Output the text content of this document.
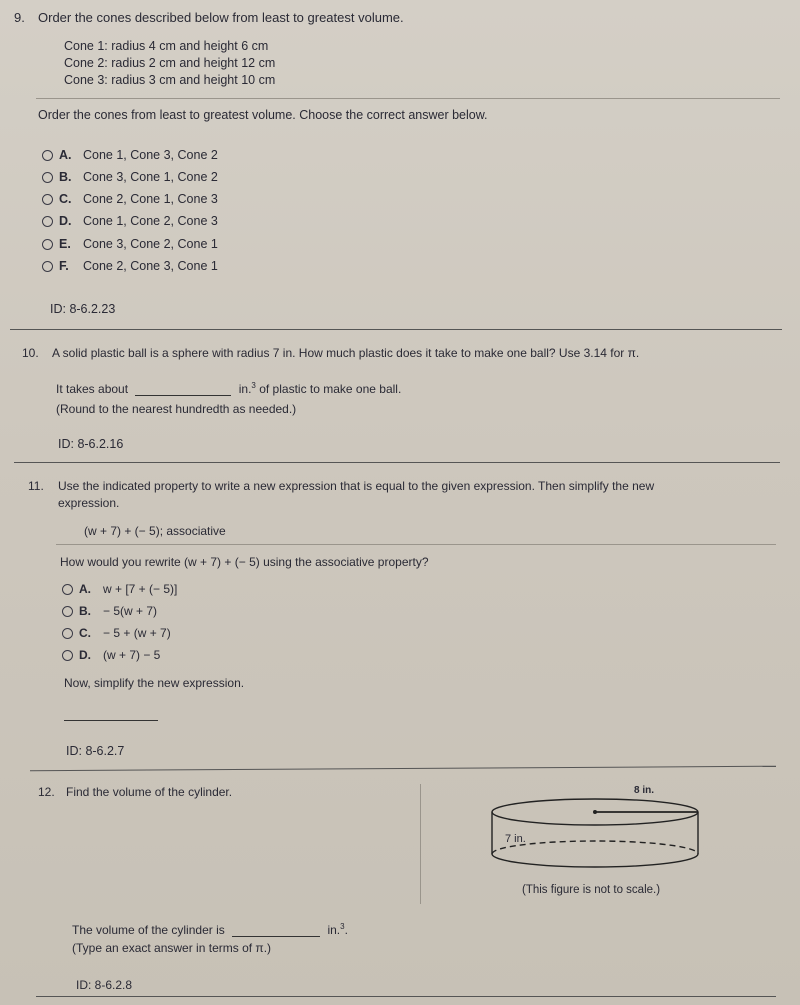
9. Order the cones described below from least to greatest volume.
Cone 1: radius 4 cm and height 6 cm
Cone 2: radius 2 cm and height 12 cm
Cone 3: radius 3 cm and height 10 cm
Order the cones from least to greatest volume. Choose the correct answer below.
A. Cone 1, Cone 3, Cone 2
B. Cone 3, Cone 1, Cone 2
C. Cone 2, Cone 1, Cone 3
D. Cone 1, Cone 2, Cone 3
E. Cone 3, Cone 2, Cone 1
F.	Cone 2, Cone 3, Cone 1
ID: 8-6.2.23
10. A solid plastic ball is a sphere with radius 7 in. How much plastic does it take to make one ball? Use 3.14 for π.
It takes about	in.$^3$ of plastic to make one ball.
(Round to the nearest hundredth as needed.)
ID: 8-6.2.16
11. Use the indicated property to write a new expression that is equal to the given expression. Then simplify the new
expression.
(w + 7) + (− 5); associative
How would you rewrite (w + 7) + (− 5) using the associative property?
A.	w + [7 + (− 5)]
B.	− 5(w + 7)
C.	− 5 + (w + 7)
D.	(w + 7) − 5
Now, simplify the new expression.
ID: 8-6.2.7
12. Find the volume of the cylinder.	8 in.
7 in.
(This figure is not to scale.)
The volume of the cylinder is	in.$^3$.
(Type an exact answer in terms of π.)
ID: 8-6.2.8
